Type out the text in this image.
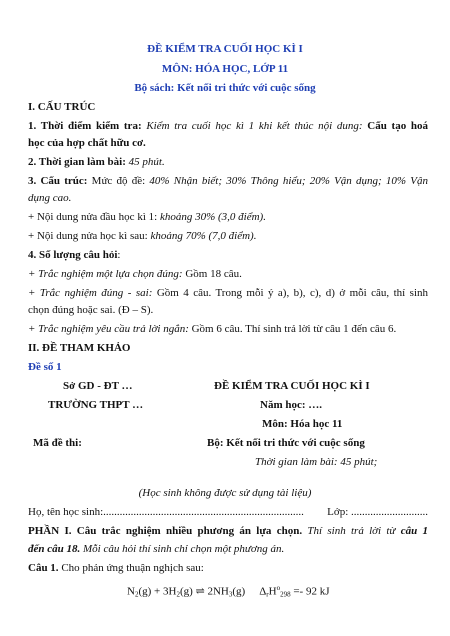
ĐỀ KIỂM TRA CUỐI HỌC KÌ I
MÔN: HÓA HỌC, LỚP 11
Bộ sách: Kết nối tri thức với cuộc sống
I. CẤU TRÚC
1. Thời điểm kiểm tra: Kiểm tra cuối học kì 1 khi kết thúc nội dung: Cấu tạo hoá
học của hợp chất hữu cơ.
2. Thời gian làm bài: 45 phút.
3. Cấu trúc: Mức độ đề: 40% Nhận biết; 30% Thông hiểu; 20% Vận dụng; 10% Vận
dụng cao.
+ Nội dung nửa đầu học kì 1: khoảng 30% (3,0 điểm).
+ Nội dung nửa học kì sau: khoảng 70% (7,0 điểm).
4. Số lượng câu hỏi:
+ Trắc nghiệm một lựa chọn đúng: Gồm 18 câu.
+ Trắc nghiệm đúng - sai: Gồm 4 câu. Trong mỗi ý a), b), c), d) ở mỗi câu, thí sinh
chọn đúng hoặc sai. (Đ – S).
+ Trắc nghiệm yêu cầu trả lời ngắn: Gồm 6 câu. Thí sinh trả lời từ câu 1 đến câu 6.
II. ĐỀ THAM KHẢO
Đề số 1
Sở GD - ĐT …
TRƯỜNG THPT …
ĐỀ KIỂM TRA CUỐI HỌC KÌ I
Năm học: ….
Môn: Hóa học 11
Mã đề thi:	Bộ: Kết nối tri thức với cuộc sống
Thời gian làm bài: 45 phút;
(Học sinh không được sử dụng tài liệu)
Họ, tên học sinh:......................................................................... Lớp: ............................
PHẦN I. Câu trắc nghiệm nhiều phương án lựa chọn. Thí sinh trả lời từ câu 1
đến câu 18. Mỗi câu hỏi thí sinh chỉ chọn một phương án.
Câu 1. Cho phản ứng thuận nghịch sau:
$N_2(g) + 3H_2(g)$ ⇌ $2NH_3(g) \Delta_rH^o_{298} =- 92$ kJ
